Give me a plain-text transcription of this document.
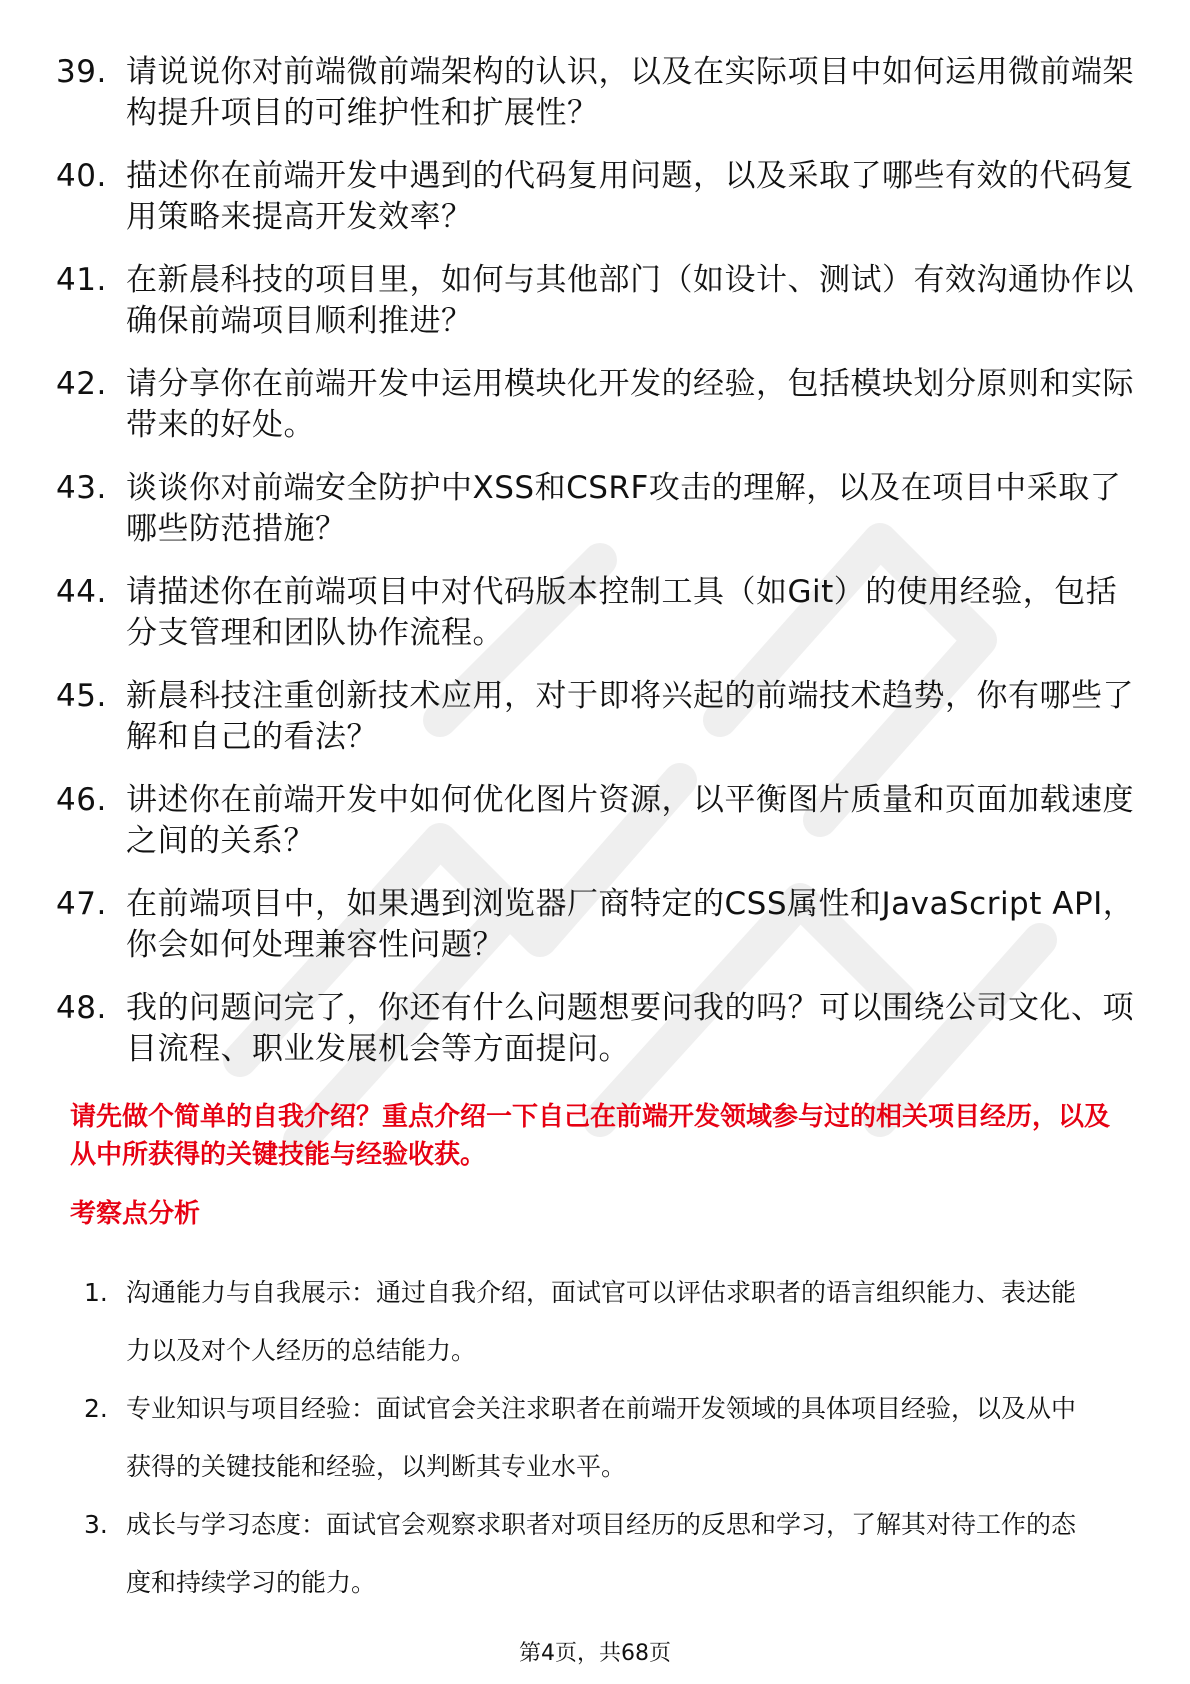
39. 请说说你对前端微前端架构的认识，以及在实际项目中如何运用微前端架构提升项目的可维护性和扩展性？
40. 描述你在前端开发中遇到的代码复用问题，以及采取了哪些有效的代码复用策略来提高开发效率？
41. 在新晨科技的项目里，如何与其他部门（如设计、测试）有效沟通协作以确保前端项目顺利推进？
42. 请分享你在前端开发中运用模块化开发的经验，包括模块划分原则和实际带来的好处。
43. 谈谈你对前端安全防护中XSS和CSRF攻击的理解，以及在项目中采取了哪些防范措施？
44. 请描述你在前端项目中对代码版本控制工具（如Git）的使用经验，包括分支管理和团队协作流程。
45. 新晨科技注重创新技术应用，对于即将兴起的前端技术趋势，你有哪些了解和自己的看法？
46. 讲述你在前端开发中如何优化图片资源，以平衡图片质量和页面加载速度之间的关系？
47. 在前端项目中，如果遇到浏览器厂商特定的CSS属性和JavaScript API，你会如何处理兼容性问题？
48. 我的问题问完了，你还有什么问题想要问我的吗？可以围绕公司文化、项目流程、职业发展机会等方面提问。
请先做个简单的自我介绍？重点介绍一下自己在前端开发领域参与过的相关项目经历，以及从中所获得的关键技能与经验收获。
考察点分析
1. 沟通能力与自我展示：通过自我介绍，面试官可以评估求职者的语言组织能力、表达能力以及对个人经历的总结能力。
2. 专业知识与项目经验：面试官会关注求职者在前端开发领域的具体项目经验，以及从中获得的关键技能和经验，以判断其专业水平。
3. 成长与学习态度：面试官会观察求职者对项目经历的反思和学习，了解其对待工作的态度和持续学习的能力。
第4页，共68页
